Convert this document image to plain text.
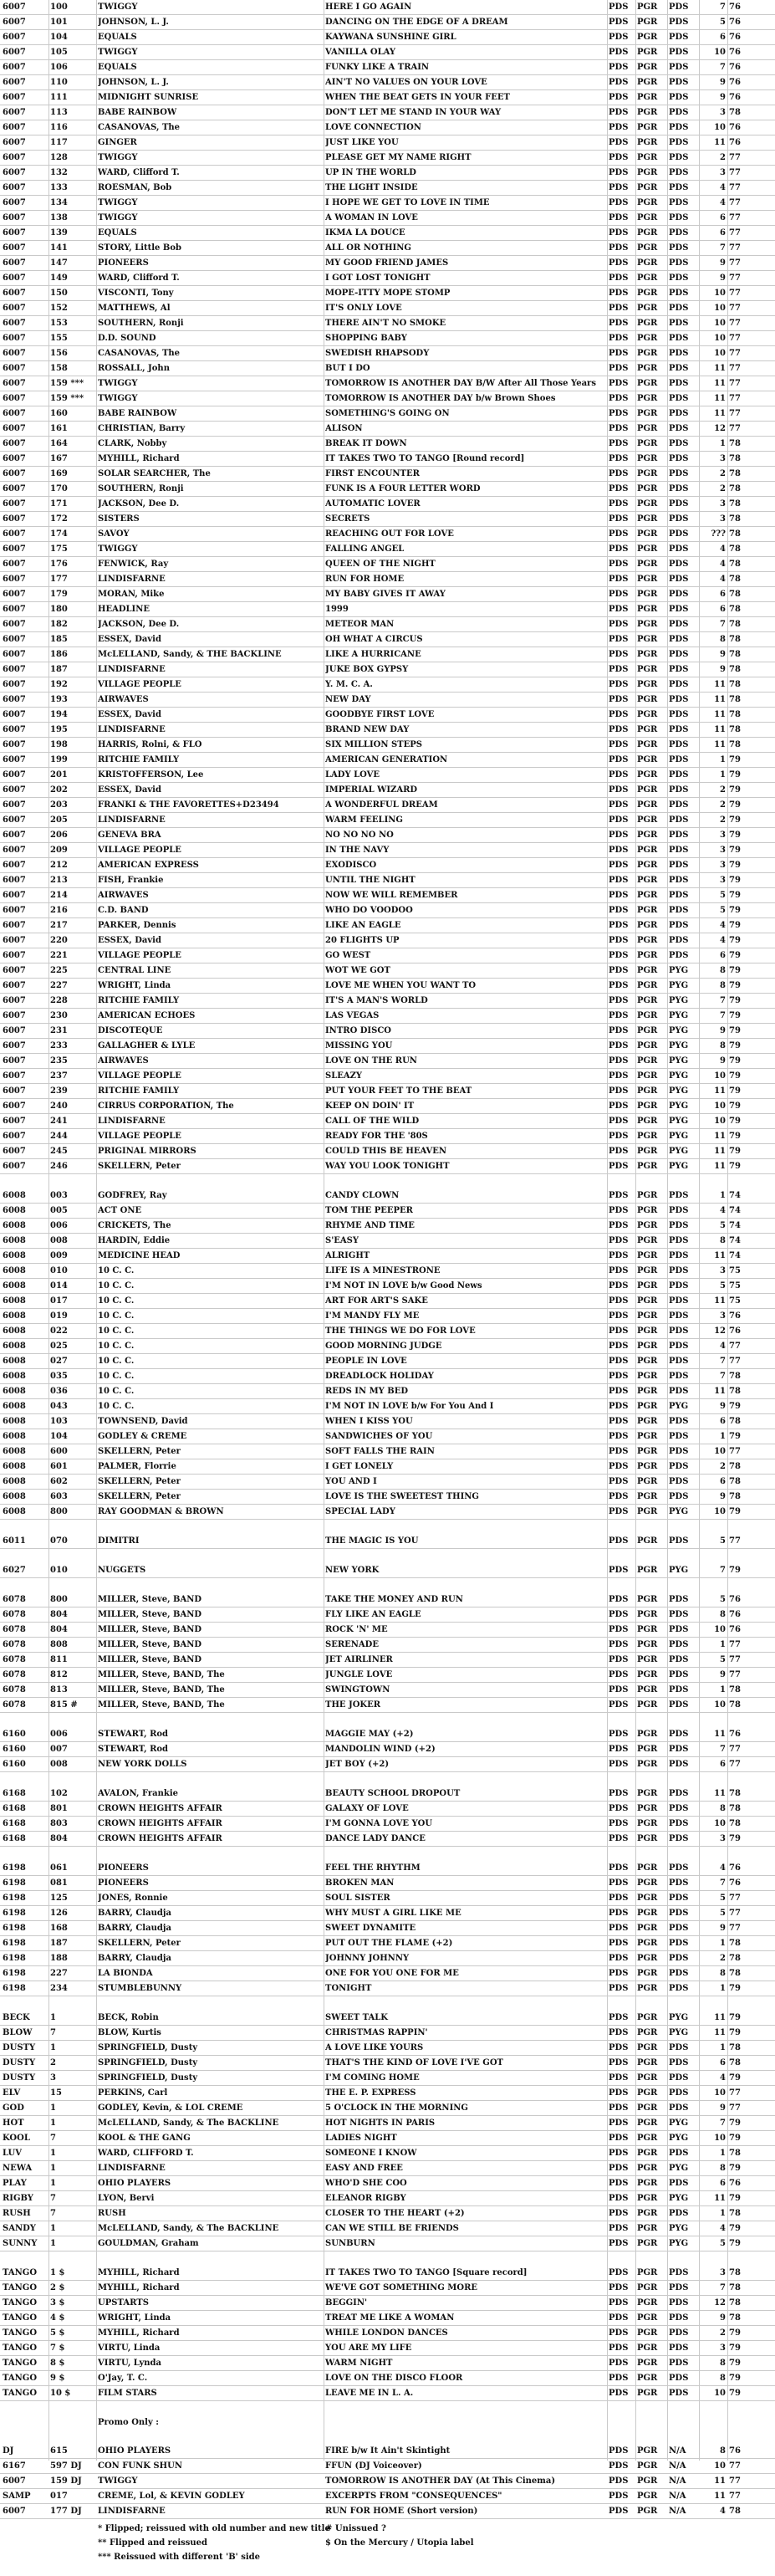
6007	100	TWIGGY	HERE I GO AGAIN	PDS	PGR	PDS	7 76
6007	101	JOHNSON, L. J.	DANCING ON THE EDGE OF A DREAM	PDS	PGR	PDS	5 76
6007	104	EQUALS	KAYWANA SUNSHINE GIRL	PDS	PGR	PDS	6 76
6007	105	TWIGGY	VANILLA OLAY	PDS	PGR	PDS	10 76
6007	106	EQUALS	FUNKY LIKE A TRAIN	PDS	PGR	PDS	7 76
6007	110	JOHNSON, L. J.	AIN'T NO VALUES ON YOUR LOVE	PDS	PGR	PDS	9 76
6007	111	MIDNIGHT SUNRISE	WHEN THE BEAT GETS IN YOUR FEET	PDS	PGR	PDS	9 76
6007	113	BABE RAINBOW	DON'T LET ME STAND IN YOUR WAY	PDS	PGR	PDS	3 78
6007	116	CASANOVAS, The	LOVE CONNECTION	PDS	PGR	PDS	10 76
6007	117	GINGER	JUST LIKE YOU	PDS	PGR	PDS	11 76
6007	128	TWIGGY	PLEASE GET MY NAME RIGHT	PDS	PGR	PDS	2 77
6007	132	WARD, Clifford T.	UP IN THE WORLD	PDS	PGR	PDS	3 77
6007	133	ROESMAN, Bob	THE LIGHT INSIDE	PDS	PGR	PDS	4 77
6007	134	TWIGGY	I HOPE WE GET TO LOVE IN TIME	PDS	PGR	PDS	4 77
6007	138	TWIGGY	A WOMAN IN LOVE	PDS	PGR	PDS	6 77
6007	139	EQUALS	IKMA LA DOUCE	PDS	PGR	PDS	6 77
6007	141	STORY, Little Bob	ALL OR NOTHING	PDS	PGR	PDS	7 77
6007	147	PIONEERS	MY GOOD FRIEND JAMES	PDS	PGR	PDS	9 77
6007	149	WARD, Clifford T.	I GOT LOST TONIGHT	PDS	PGR	PDS	9 77
6007	150	VISCONTI, Tony	MOPE-ITTY MOPE STOMP	PDS	PGR	PDS	10 77
6007	152	MATTHEWS, Al	IT'S ONLY LOVE	PDS	PGR	PDS	10 77
6007	153	SOUTHERN, Ronji	THERE AIN'T NO SMOKE	PDS	PGR	PDS	10 77
6007	155	D.D. SOUND	SHOPPING BABY	PDS	PGR	PDS	10 77
6007	156	CASANOVAS, The	SWEDISH RHAPSODY	PDS	PGR	PDS	10 77
6007	158	ROSSALL, John	BUT I DO	PDS	PGR	PDS	11 77
6007	159 ***	TWIGGY	TOMORROW IS ANOTHER DAY B/W After All Those Years	PDS	PGR	PDS	11 77
6007	159 ***	TWIGGY	TOMORROW IS ANOTHER DAY b/w Brown Shoes	PDS	PGR	PDS	11 77
6007	160	BABE RAINBOW	SOMETHING'S GOING ON	PDS	PGR	PDS	11 77
6007	161	CHRISTIAN, Barry	ALISON	PDS	PGR	PDS	12 77
6007	164	CLARK, Nobby	BREAK IT DOWN	PDS	PGR	PDS	1 78
6007	167	MYHILL, Richard	IT TAKES TWO TO TANGO [Round record]	PDS	PGR	PDS	3 78
6007	169	SOLAR SEARCHER, The	FIRST ENCOUNTER	PDS	PGR	PDS	2 78
6007	170	SOUTHERN, Ronji	FUNK IS A FOUR LETTER WORD	PDS	PGR	PDS	2 78
6007	171	JACKSON, Dee D.	AUTOMATIC LOVER	PDS	PGR	PDS	3 78
6007	172	SISTERS	SECRETS	PDS	PGR	PDS	3 78
6007	174	SAVOY	REACHING OUT FOR LOVE	PDS	PGR	PDS	??? 78
6007	175	TWIGGY	FALLING ANGEL	PDS	PGR	PDS	4 78
6007	176	FENWICK, Ray	QUEEN OF THE NIGHT	PDS	PGR	PDS	4 78
6007	177	LINDISFARNE	RUN FOR HOME	PDS	PGR	PDS	4 78
6007	179	MORAN, Mike	MY BABY GIVES IT AWAY	PDS	PGR	PDS	6 78
6007	180	HEADLINE	1999	PDS	PGR	PDS	6 78
6007	182	JACKSON, Dee D.	METEOR MAN	PDS	PGR	PDS	7 78
6007	185	ESSEX, David	OH WHAT A CIRCUS	PDS	PGR	PDS	8 78
6007	186	McLELLAND, Sandy, & THE BACKLINE	LIKE A HURRICANE	PDS	PGR	PDS	9 78
6007	187	LINDISFARNE	JUKE BOX GYPSY	PDS	PGR	PDS	9 78
6007	192	VILLAGE PEOPLE	Y. M. C. A.	PDS	PGR	PDS	11 78
6007	193	AIRWAVES	NEW DAY	PDS	PGR	PDS	11 78
6007	194	ESSEX, David	GOODBYE FIRST LOVE	PDS	PGR	PDS	11 78
6007	195	LINDISFARNE	BRAND NEW DAY	PDS	PGR	PDS	11 78
6007	198	HARRIS, Rolni, & FLO	SIX MILLION STEPS	PDS	PGR	PDS	11 78
6007	199	RITCHIE FAMILY	AMERICAN GENERATION	PDS	PGR	PDS	1 79
6007	201	KRISTOFFERSON, Lee	LADY LOVE	PDS	PGR	PDS	1 79
6007	202	ESSEX, David	IMPERIAL WIZARD	PDS	PGR	PDS	2 79
6007	203	FRANKI & THE FAVORETTES+D23494	A WONDERFUL DREAM	PDS	PGR	PDS	2 79
6007	205	LINDISFARNE	WARM FEELING	PDS	PGR	PDS	2 79
6007	206	GENEVA BRA	NO NO NO NO	PDS	PGR	PDS	3 79
6007	209	VILLAGE PEOPLE	IN THE NAVY	PDS	PGR	PDS	3 79
6007	212	AMERICAN EXPRESS	EXODISCO	PDS	PGR	PDS	3 79
6007	213	FISH, Frankie	UNTIL THE NIGHT	PDS	PGR	PDS	3 79
6007	214	AIRWAVES	NOW WE WILL REMEMBER	PDS	PGR	PDS	5 79
6007	216	C.D. BAND	WHO DO VOODOO	PDS	PGR	PDS	5 79
6007	217	PARKER, Dennis	LIKE AN EAGLE	PDS	PGR	PDS	4 79
6007	220	ESSEX, David	20 FLIGHTS UP	PDS	PGR	PDS	4 79
6007	221	VILLAGE PEOPLE	GO WEST	PDS	PGR	PDS	6 79
6007	225	CENTRAL LINE	WOT WE GOT	PDS	PGR	PYG	8 79
6007	227	WRIGHT, Linda	LOVE ME WHEN YOU WANT TO	PDS	PGR	PYG	8 79
6007	228	RITCHIE FAMILY	IT'S A MAN'S WORLD	PDS	PGR	PYG	7 79
6007	230	AMERICAN ECHOES	LAS VEGAS	PDS	PGR	PYG	7 79
6007	231	DISCOTEQUE	INTRO DISCO	PDS	PGR	PYG	9 79
6007	233	GALLAGHER & LYLE	MISSING YOU	PDS	PGR	PYG	8 79
6007	235	AIRWAVES	LOVE ON THE RUN	PDS	PGR	PYG	9 79
6007	237	VILLAGE PEOPLE	SLEAZY	PDS	PGR	PYG	10 79
6007	239	RITCHIE FAMILY	PUT YOUR FEET TO THE BEAT	PDS	PGR	PYG	11 79
6007	240	CIRRUS CORPORATION, The	KEEP ON DOIN' IT	PDS	PGR	PYG	10 79
6007	241	LINDISFARNE	CALL OF THE WILD	PDS	PGR	PYG	10 79
6007	244	VILLAGE PEOPLE	READY FOR THE '80S	PDS	PGR	PYG	11 79
6007	245	PRIGINAL MIRRORS	COULD THIS BE HEAVEN	PDS	PGR	PYG	11 79
6007	246	SKELLERN, Peter	WAY YOU LOOK TONIGHT	PDS	PGR	PYG	11 79
6008	003	GODFREY, Ray	CANDY CLOWN	PDS	PGR	PDS	1 74
6008	005	ACT ONE	TOM THE PEEPER	PDS	PGR	PDS	4 74
6008	006	CRICKETS, The	RHYME AND TIME	PDS	PGR	PDS	5 74
6008	008	HARDIN, Eddie	S'EASY	PDS	PGR	PDS	8 74
6008	009	MEDICINE HEAD	ALRIGHT	PDS	PGR	PDS	11 74
6008	010	10 C. C.	LIFE IS A MINESTRONE	PDS	PGR	PDS	3 75
6008	014	10 C. C.	I'M NOT IN LOVE b/w Good News	PDS	PGR	PDS	5 75
6008	017	10 C. C.	ART FOR ART'S SAKE	PDS	PGR	PDS	11 75
6008	019	10 C. C.	I'M MANDY FLY ME	PDS	PGR	PDS	3 76
6008	022	10 C. C.	THE THINGS WE DO FOR LOVE	PDS	PGR	PDS	12 76
6008	025	10 C. C.	GOOD MORNING JUDGE	PDS	PGR	PDS	4 77
6008	027	10 C. C.	PEOPLE IN LOVE	PDS	PGR	PDS	7 77
6008	035	10 C. C.	DREADLOCK HOLIDAY	PDS	PGR	PDS	7 78
6008	036	10 C. C.	REDS IN MY BED	PDS	PGR	PDS	11 78
6008	043	10 C. C.	I'M NOT IN LOVE b/w For You And I	PDS	PGR	PYG	9 79
6008	103	TOWNSEND, David	WHEN I KISS YOU	PDS	PGR	PDS	6 78
6008	104	GODLEY & CREME	SANDWICHES OF YOU	PDS	PGR	PDS	1 79
6008	600	SKELLERN, Peter	SOFT FALLS THE RAIN	PDS	PGR	PDS	10 77
6008	601	PALMER, Florrie	I GET LONELY	PDS	PGR	PDS	2 78
6008	602	SKELLERN, Peter	YOU AND I	PDS	PGR	PDS	6 78
6008	603	SKELLERN, Peter	LOVE IS THE SWEETEST THING	PDS	PGR	PDS	9 78
6008	800	RAY GOODMAN & BROWN	SPECIAL LADY	PDS	PGR	PYG	10 79
6011	070	DIMITRI	THE MAGIC IS YOU	PDS	PGR	PDS	5 77
6027	010	NUGGETS	NEW YORK	PDS	PGR	PYG	7 79
6078	800	MILLER, Steve, BAND	TAKE THE MONEY AND RUN	PDS	PGR	PDS	5 76
6078	804	MILLER, Steve, BAND	FLY LIKE AN EAGLE	PDS	PGR	PDS	8 76
6078	804	MILLER, Steve, BAND	ROCK 'N' ME	PDS	PGR	PDS	10 76
6078	808	MILLER, Steve, BAND	SERENADE	PDS	PGR	PDS	1 77
6078	811	MILLER, Steve, BAND	JET AIRLINER	PDS	PGR	PDS	5 77
6078	812	MILLER, Steve, BAND, The	JUNGLE LOVE	PDS	PGR	PDS	9 77
6078	813	MILLER, Steve, BAND, The	SWINGTOWN	PDS	PGR	PDS	1 78
6078	815 #	MILLER, Steve, BAND, The	THE JOKER	PDS	PGR	PDS	10 78
6160	006	STEWART, Rod	MAGGIE MAY (+2)	PDS	PGR	PDS	11 76
6160	007	STEWART, Rod	MANDOLIN WIND (+2)	PDS	PGR	PDS	7 77
6160	008	NEW YORK DOLLS	JET BOY (+2)	PDS	PGR	PDS	6 77
6168	102	AVALON, Frankie	BEAUTY SCHOOL DROPOUT	PDS	PGR	PDS	11 78
6168	801	CROWN HEIGHTS AFFAIR	GALAXY OF LOVE	PDS	PGR	PDS	8 78
6168	803	CROWN HEIGHTS AFFAIR	I'M GONNA LOVE YOU	PDS	PGR	PDS	10 78
6168	804	CROWN HEIGHTS AFFAIR	DANCE LADY DANCE	PDS	PGR	PDS	3 79
6198	061	PIONEERS	FEEL THE RHYTHM	PDS	PGR	PDS	4 76
6198	081	PIONEERS	BROKEN MAN	PDS	PGR	PDS	7 76
6198	125	JONES, Ronnie	SOUL SISTER	PDS	PGR	PDS	5 77
6198	126	BARRY, Claudja	WHY MUST A GIRL LIKE ME	PDS	PGR	PDS	5 77
6198	168	BARRY, Claudja	SWEET DYNAMITE	PDS	PGR	PDS	9 77
6198	187	SKELLERN, Peter	PUT OUT THE FLAME (+2)	PDS	PGR	PDS	1 78
6198	188	BARRY, Claudja	JOHNNY JOHNNY	PDS	PGR	PDS	2 78
6198	227	LA BIONDA	ONE FOR YOU ONE FOR ME	PDS	PGR	PDS	8 78
6198	234	STUMBLEBUNNY	TONIGHT	PDS	PGR	PDS	1 79
BECK	1	BECK, Robin	SWEET TALK	PDS	PGR	PYG	11 79
BLOW	7	BLOW, Kurtis	CHRISTMAS RAPPIN'	PDS	PGR	PYG	11 79
DUSTY	1	SPRINGFIELD, Dusty	A LOVE LIKE YOURS	PDS	PGR	PDS	1 78
DUSTY	2	SPRINGFIELD, Dusty	THAT'S THE KIND OF LOVE I'VE GOT	PDS	PGR	PDS	6 78
DUSTY	3	SPRINGFIELD, Dusty	I'M COMING HOME	PDS	PGR	PDS	4 79
ELV	15	PERKINS, Carl	THE E. P. EXPRESS	PDS	PGR	PDS	10 77
GOD	1	GODLEY, Kevin, & LOL CREME	5 O'CLOCK IN THE MORNING	PDS	PGR	PDS	9 77
HOT	1	McLELLAND, Sandy, & The BACKLINE	HOT NIGHTS IN PARIS	PDS	PGR	PYG	7 79
KOOL	7	KOOL & THE GANG	LADIES NIGHT	PDS	PGR	PYG	10 79
LUV	1	WARD, CLIFFORD T.	SOMEONE I KNOW	PDS	PGR	PDS	1 78
NEWA	1	LINDISFARNE	EASY AND FREE	PDS	PGR	PYG	8 79
PLAY	1	OHIO PLAYERS	WHO'D SHE COO	PDS	PGR	PDS	6 76
RIGBY	7	LYON, Bervi	ELEANOR RIGBY	PDS	PGR	PYG	11 79
RUSH	7	RUSH	CLOSER TO THE HEART (+2)	PDS	PGR	PDS	1 78
SANDY	1	McLELLAND, Sandy, & The BACKLINE	CAN WE STILL BE FRIENDS	PDS	PGR	PYG	4 79
SUNNY	1	GOULDMAN, Graham	SUNBURN	PDS	PGR	PYG	5 79
TANGO	1 $	MYHILL, Richard	IT TAKES TWO TO TANGO [Square record]	PDS	PGR	PDS	3 78
TANGO	2 $	MYHILL, Richard	WE'VE GOT SOMETHING MORE	PDS	PGR	PDS	7 78
TANGO	3 $	UPSTARTS	BEGGIN'	PDS	PGR	PDS	12 78
TANGO	4 $	WRIGHT, Linda	TREAT ME LIKE A WOMAN	PDS	PGR	PDS	9 78
TANGO	5 $	MYHILL, Richard	WHILE LONDON DANCES	PDS	PGR	PDS	2 79
TANGO	7 $	VIRTU, Linda	YOU ARE MY LIFE	PDS	PGR	PDS	3 79
TANGO	8 $	VIRTU, Lynda	WARM NIGHT	PDS	PGR	PDS	8 79
TANGO	9 $	O'Jay, T. C.	LOVE ON THE DISCO FLOOR	PDS	PGR	PDS	8 79
TANGO	10 $	FILM STARS	LEAVE ME IN L. A.	PDS	PGR	PDS	10 79
Promo Only :
DJ	615	OHIO PLAYERS	FIRE b/w It Ain't Skintight	PDS	PGR	N/A	8 76
6167	597 DJ	CON FUNK SHUN	FFUN (DJ Voiceover)	PDS	PGR	N/A	10 77
6007	159 DJ	TWIGGY	TOMORROW IS ANOTHER DAY (At This Cinema)	PDS	PGR	N/A	11 77
SAMP	017	CREME, Lol, & KEVIN GODLEY	EXCERPTS FROM "CONSEQUENCES"	PDS	PGR	N/A	11 77
6007	177 DJ	LINDISFARNE	RUN FOR HOME (Short version)	PDS	PGR	N/A	4 78
* Flipped; reissued with old number and new title
** Flipped and reissued
*** Reissued with different 'B' side
# Unissued ?
$ On the Mercury / Utopia label
